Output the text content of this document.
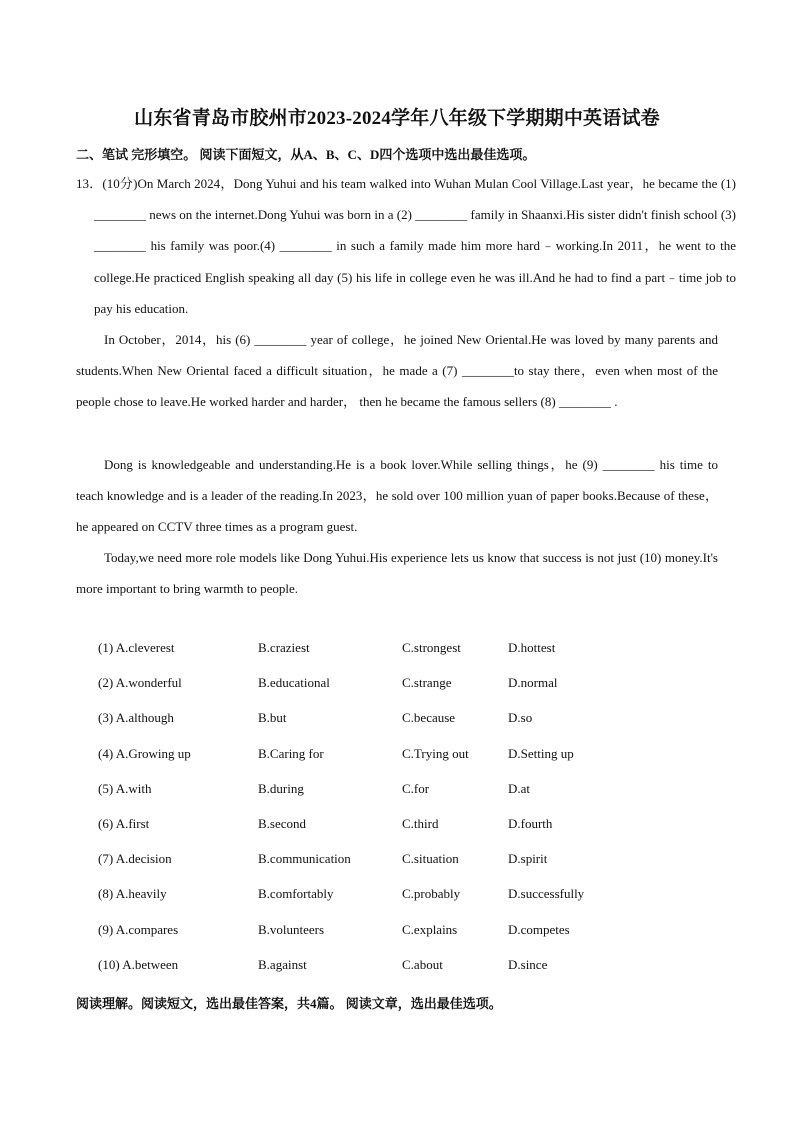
山东省青岛市胶州市2023-2024学年八年级下学期期中英语试卷
二、笔试 完形填空。 阅读下面短文，从A、B、C、D四个选项中选出最佳选项。
13．(10分)On March 2024，Dong Yuhui and his team walked into Wuhan Mulan Cool Village.Last year，he became the (1) ________ news on the internet.Dong Yuhui was born in a (2) ________ family in Shaanxi.His sister didn't finish school (3) ________ his family was poor.(4) ________ in such a family made him more hard﹣working.In 2011，he went to the college.He practiced English speaking all day (5) his life in college even he was ill.And he had to find a part﹣time job to pay his education.
In October，2014，his (6) ________ year of college，he joined New Oriental.He was loved by many parents and students.When New Oriental faced a difficult situation，he made a (7) ________to stay there，even when most of the people chose to leave.He worked harder and harder， then he became the famous sellers (8) ________ .
Dong is knowledgeable and understanding.He is a book lover.While selling things，he (9) ________ his time to teach knowledge and is a leader of the reading.In 2023，he sold over 100 million yuan of paper books.Because of these，he appeared on CCTV three times as a program guest.
Today,we need more role models like Dong Yuhui.His experience lets us know that success is not just (10) money.It's more important to bring warmth to people.
(1) A.cleverest	B.craziest	C.strongest	D.hottest
(2) A.wonderful	B.educational	C.strange	D.normal
(3) A.although	B.but	C.because	D.so
(4) A.Growing up	B.Caring for	C.Trying out	D.Setting up
(5) A.with	B.during	C.for	D.at
(6) A.first	B.second	C.third	D.fourth
(7) A.decision	B.communication	C.situation	D.spirit
(8) A.heavily	B.comfortably	C.probably	D.successfully
(9) A.compares	B.volunteers	C.explains	D.competes
(10) A.between	B.against	C.about	D.since
阅读理解。阅读短文，选出最佳答案，共4篇。 阅读文章，选出最佳选项。
